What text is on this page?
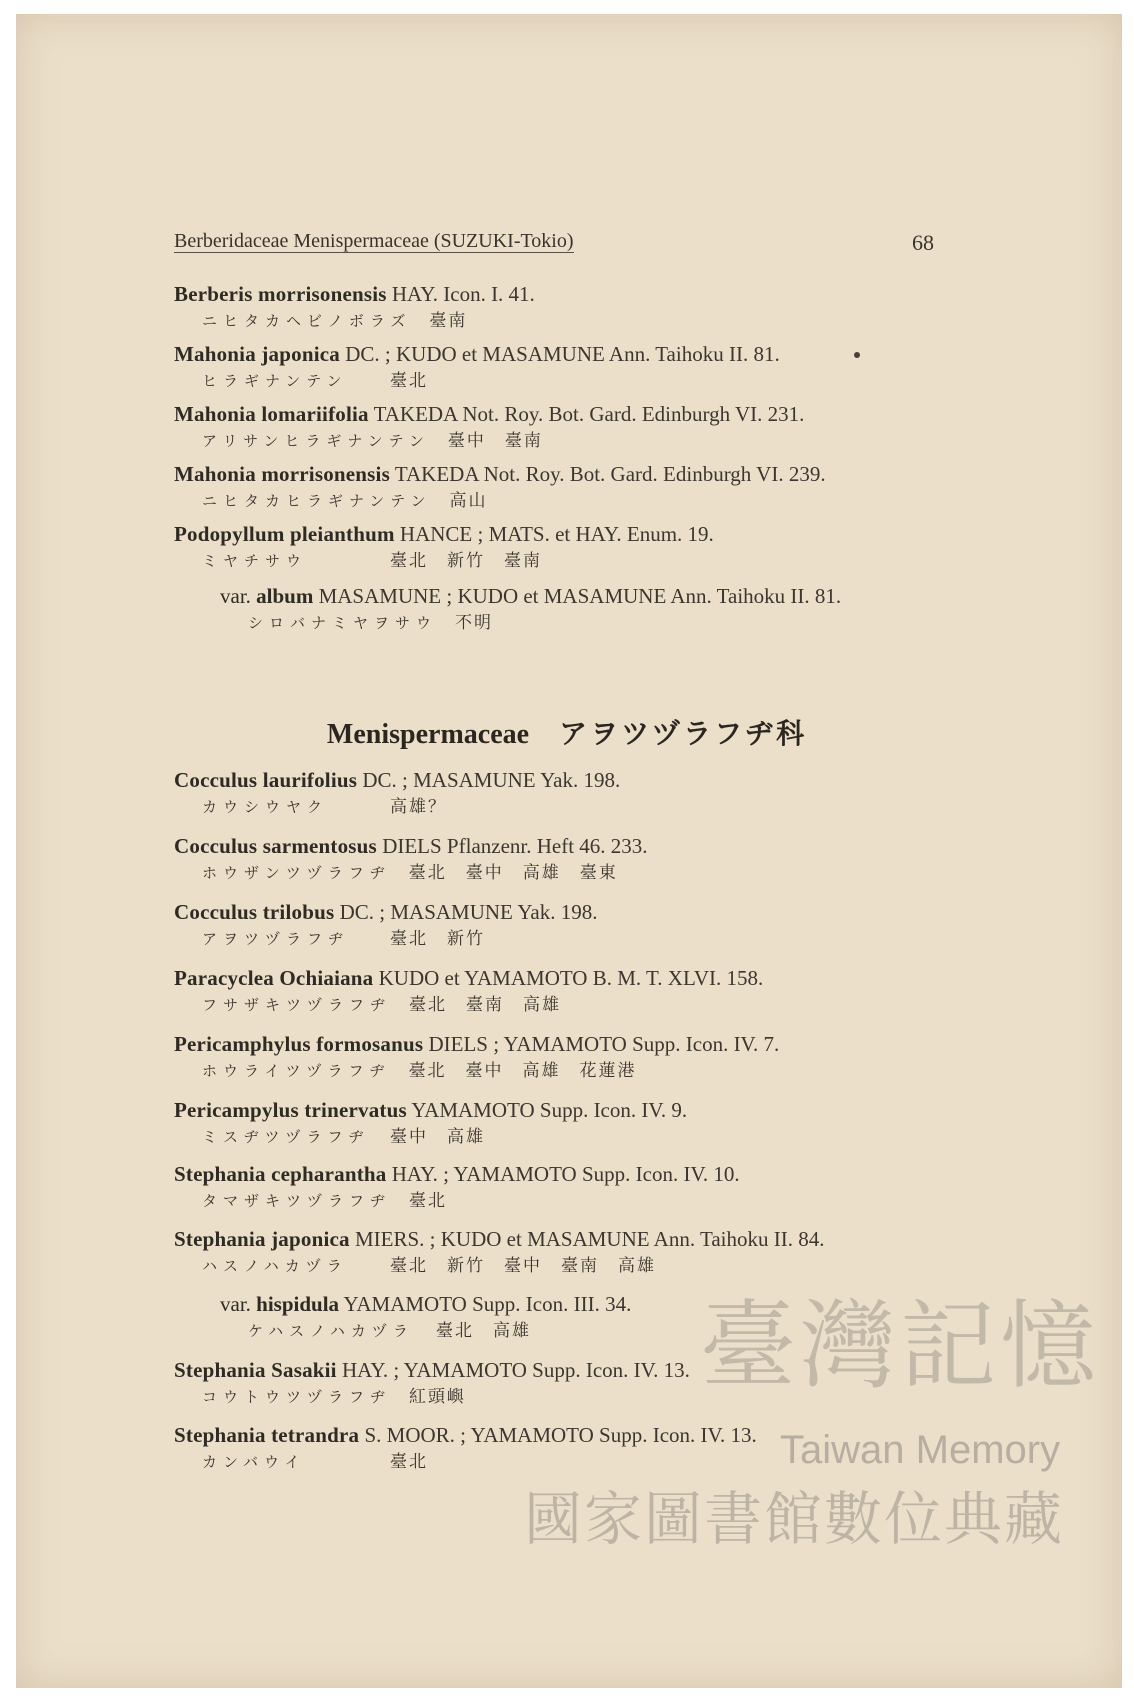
Berberidaceae Menispermaceae (SUZUKI-Tokio)	68
Berberis morrisonensis HAY. Icon. I. 41.
ニヒタカヘビノボラズ 臺南
Mahonia japonica DC. ; KUDO et MASAMUNE Ann. Taihoku II. 81.
ヒラギナンテン 臺北
Mahonia lomariifolia TAKEDA Not. Roy. Bot. Gard. Edinburgh VI. 231.
アリサンヒラギナンテン 臺中　臺南
Mahonia morrisonensis TAKEDA Not. Roy. Bot. Gard. Edinburgh VI. 239.
ニヒタカヒラギナンテン 高山
Podopyllum pleianthum HANCE ; MATS. et HAY. Enum. 19.
ミヤチサウ	臺北　新竹　臺南
var. album MASAMUNE ; KUDO et MASAMUNE Ann. Taihoku II. 81.
シロバナミヤヲサウ 不明
Menispermaceae アヲツヅラフヂ科
Cocculus laurifolius DC. ; MASAMUNE Yak. 198.
カウシウヤク	高雄？
Cocculus sarmentosus DIELS Pflanzenr. Heft 46. 233.
ホウザンツヅラフヂ 臺北　臺中　高雄　臺東
Cocculus trilobus DC. ; MASAMUNE Yak. 198.
アヲツヅラフヂ 臺北　新竹
Paracyclea Ochiaiana KUDO et YAMAMOTO B. M. T. XLVI. 158.
フサザキツヅラフヂ 臺北　臺南　高雄
Pericamphylus formosanus DIELS ; YAMAMOTO Supp. Icon. IV. 7.
ホウライツヅラフヂ 臺北　臺中　高雄　花蓮港
Pericampylus trinervatus YAMAMOTO Supp. Icon. IV. 9.
ミスヂツヅラフヂ 臺中　高雄
Stephania cepharantha HAY. ; YAMAMOTO Supp. Icon. IV. 10.
タマザキツヅラフヂ 臺北
Stephania japonica MIERS. ; KUDO et MASAMUNE Ann. Taihoku II. 84.
ハスノハカヅラ 臺北　新竹　臺中　臺南　高雄
var. hispidula YAMAMOTO Supp. Icon. III. 34.
ケハスノハカヅラ 臺北　高雄
Stephania Sasakii HAY. ; YAMAMOTO Supp. Icon. IV. 13.
コウトウツヅラフヂ 紅頭嶼
Stephania tetrandra S. MOOR. ; YAMAMOTO Supp. Icon. IV. 13.
カンバウイ	臺北
臺灣記憶
Taiwan Memory
國家圖書館數位典藏
